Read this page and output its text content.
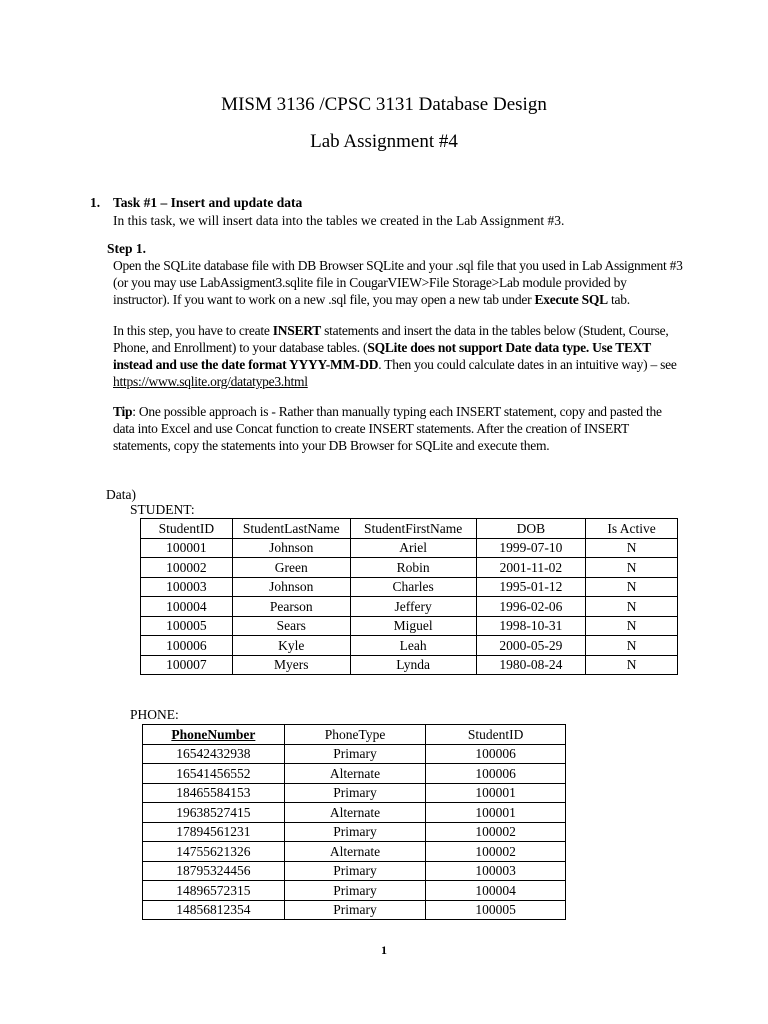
MISM 3136 /CPSC 3131 Database Design
Lab Assignment #4
1. Task #1 – Insert and update data
In this task, we will insert data into the tables we created in the Lab Assignment #3.
Step 1.
Open the SQLite database file with DB Browser SQLite and your .sql file that you used in Lab Assignment #3 (or you may use LabAssigment3.sqlite file in CougarVIEW>File Storage>Lab module provided by instructor). If you want to work on a new .sql file, you may open a new tab under Execute SQL tab.
In this step, you have to create INSERT statements and insert the data in the tables below (Student, Course, Phone, and Enrollment) to your database tables. (SQLite does not support Date data type. Use TEXT instead and use the date format YYYY-MM-DD. Then you could calculate dates in an intuitive way) – see https://www.sqlite.org/datatype3.html
Tip: One possible approach is - Rather than manually typing each INSERT statement, copy and pasted the data into Excel and use Concat function to create INSERT statements. After the creation of INSERT statements, copy the statements into your DB Browser for SQLite and execute them.
Data)
STUDENT:
StudentID	StudentLastName	StudentFirstName	DOB	Is Active
100001	Johnson	Ariel	1999-07-10	N
100002	Green	Robin	2001-11-02	N
100003	Johnson	Charles	1995-01-12	N
100004	Pearson	Jeffery	1996-02-06	N
100005	Sears	Miguel	1998-10-31	N
100006	Kyle	Leah	2000-05-29	N
100007	Myers	Lynda	1980-08-24	N
PHONE:
PhoneNumber	PhoneType	StudentID
16542432938	Primary	100006
16541456552	Alternate	100006
18465584153	Primary	100001
19638527415	Alternate	100001
17894561231	Primary	100002
14755621326	Alternate	100002
18795324456	Primary	100003
14896572315	Primary	100004
14856812354	Primary	100005
1
